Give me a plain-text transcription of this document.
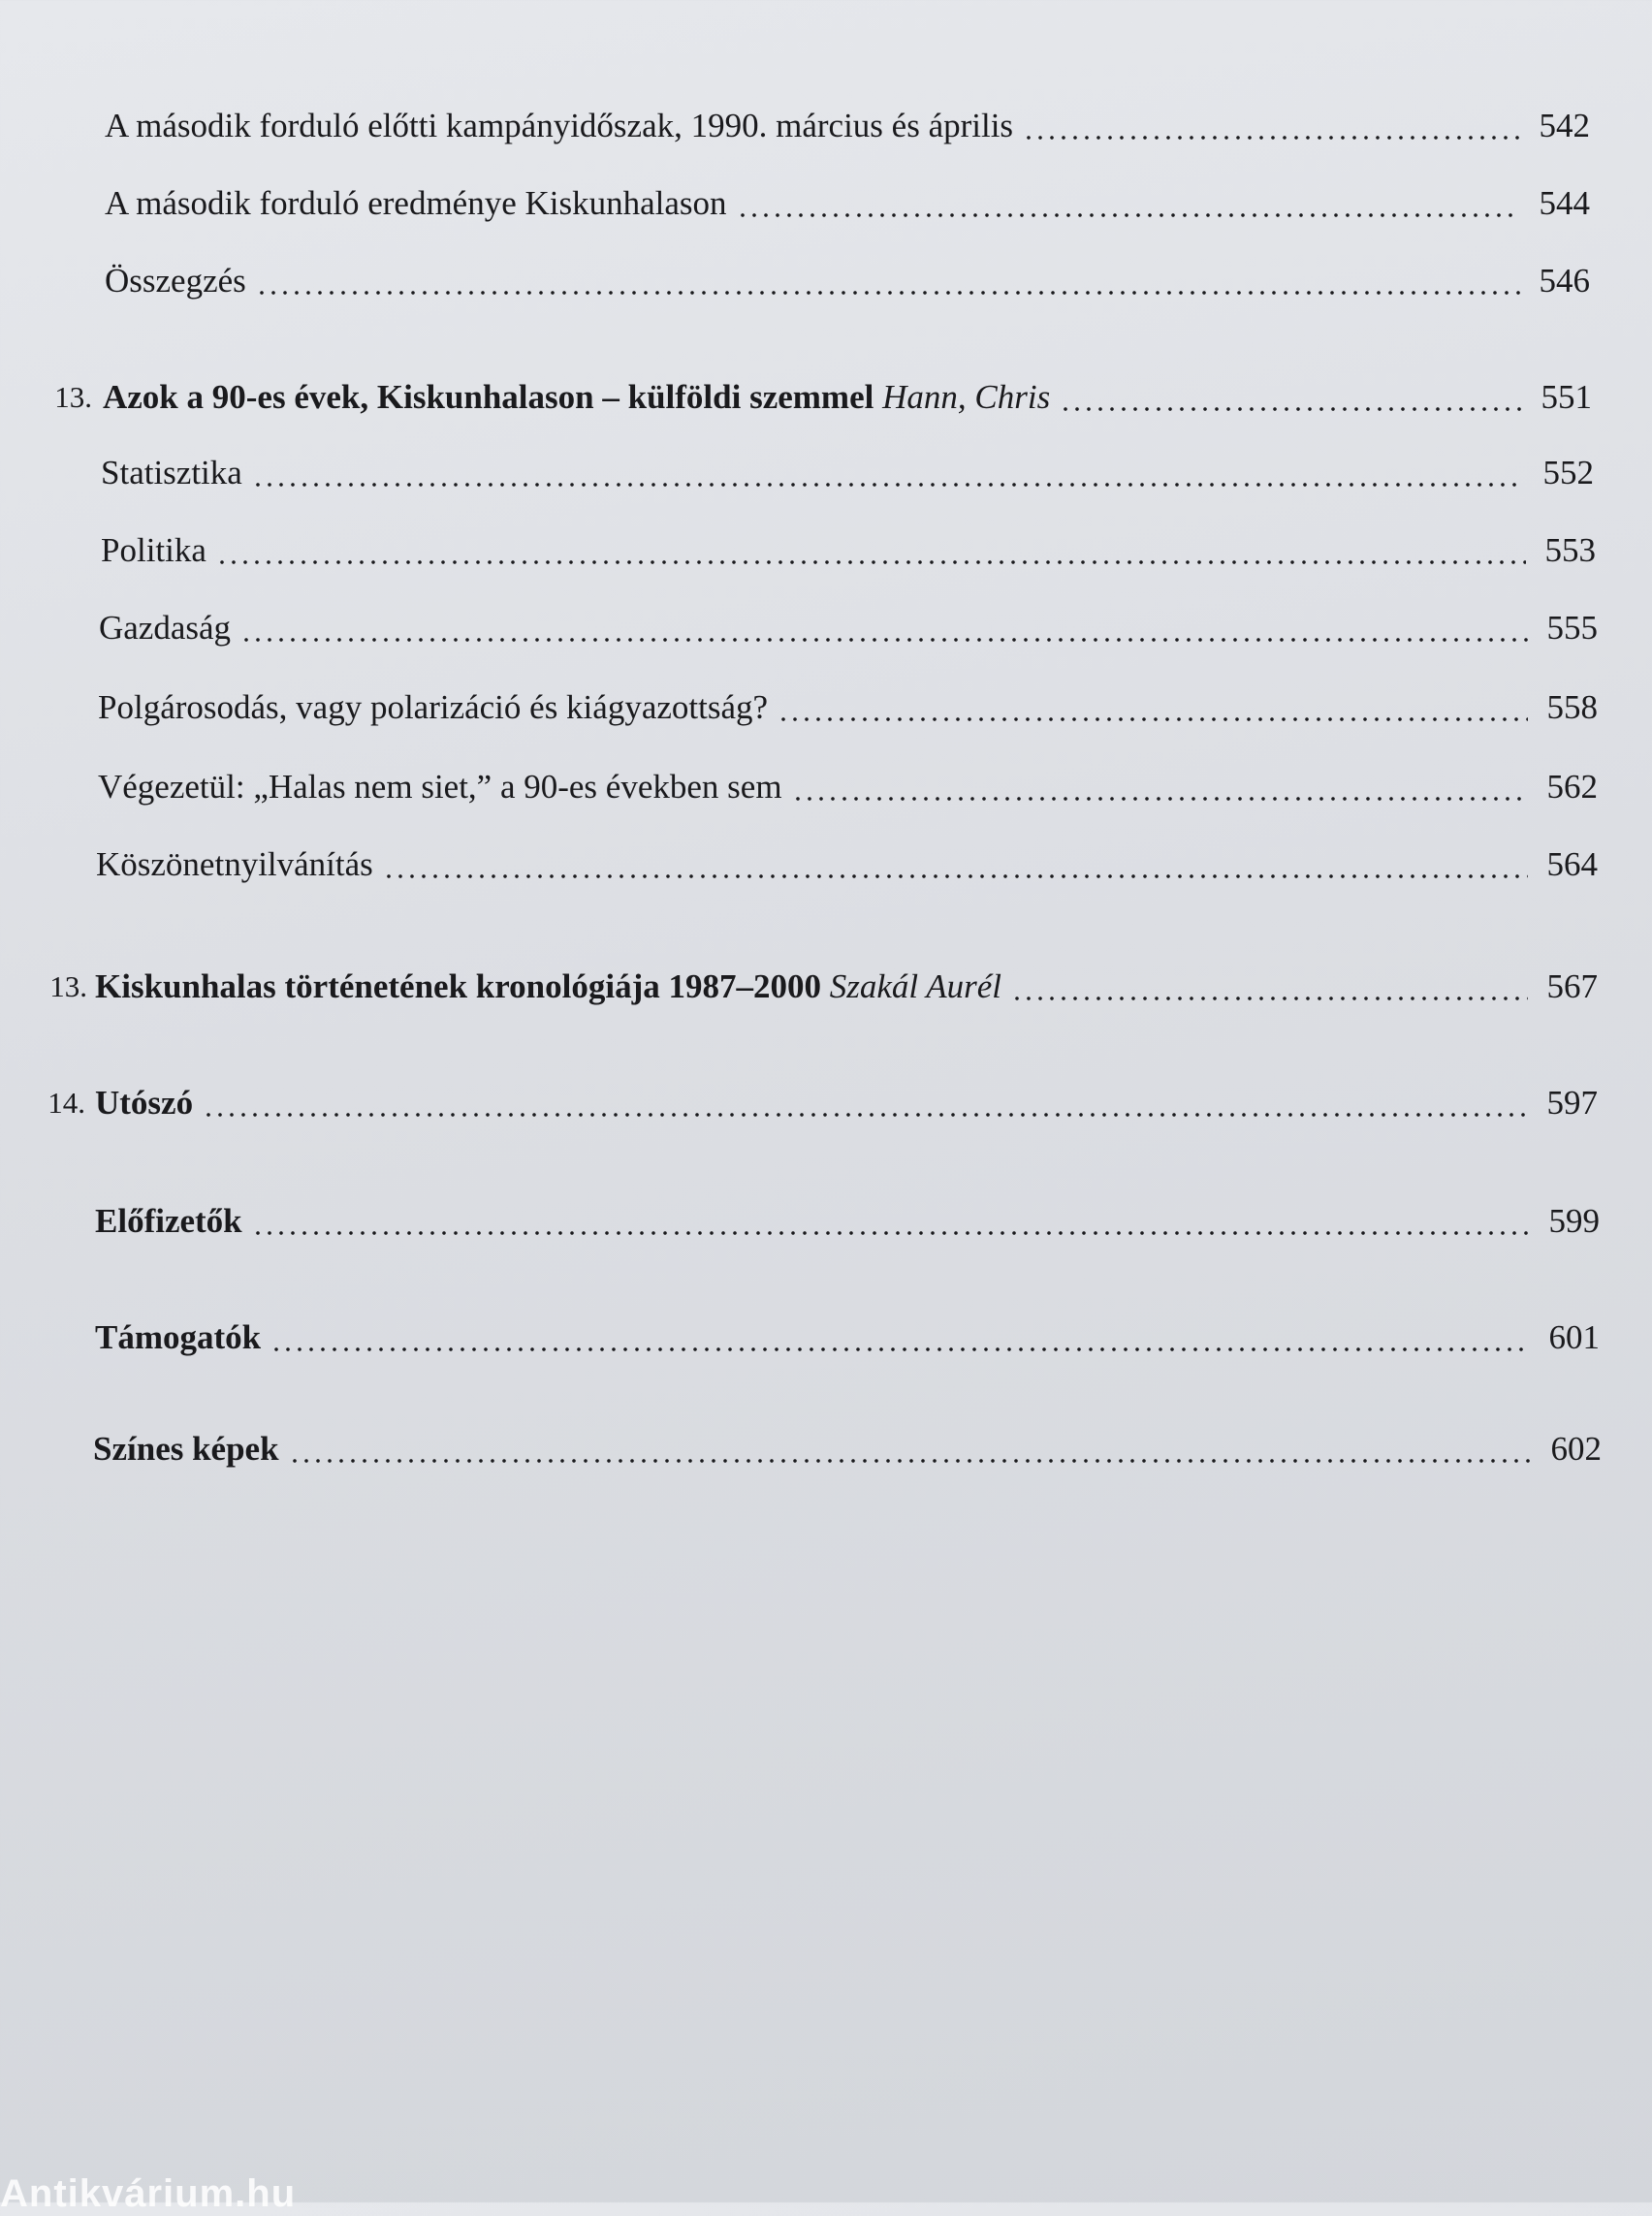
A második forduló előtti kampányidőszak, 1990. március és április	542
A második forduló eredménye Kiskunhalason	544
Összegzés	546
13. Azok a 90-es évek, Kiskunhalason – külföldi szemmel Hann, Chris	551
Statisztika	552
Politika	553
Gazdaság	555
Polgárosodás, vagy polarizáció és kiágyazottság?	558
Végezetül: „Halas nem siet,” a 90-es években sem	562
Köszönetnyilvánítás	564
13. Kiskunhalas történetének kronológiája 1987–2000 Szakál Aurél	567
14. Utószó	597
Előfizetők	599
Támogatók	601
Színes képek	602
Antikvárium.hu
